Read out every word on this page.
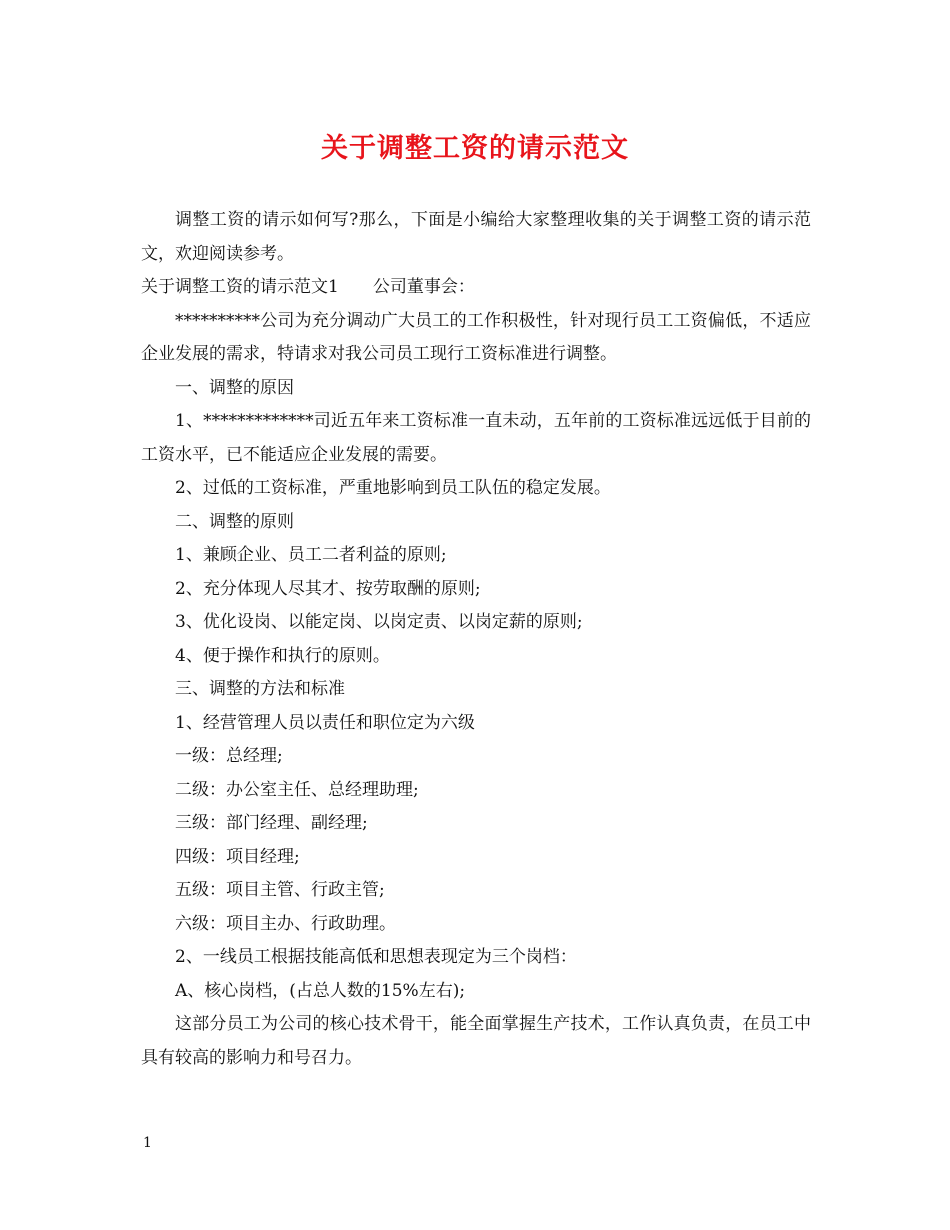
关于调整工资的请示范文

调整工资的请示如何写?那么，下面是小编给大家整理收集的关于调整工资的请示范文，欢迎阅读参考。

关于调整工资的请示范文1 公司董事会：

**********公司为充分调动广大员工的工作积极性，针对现行员工工资偏低，不适应企业发展的需求，特请求对我公司员工现行工资标准进行调整。

一、调整的原因

1、*************司近五年来工资标准一直未动，五年前的工资标准远远低于目前的工资水平，已不能适应企业发展的需要。

2、过低的工资标准，严重地影响到员工队伍的稳定发展。

二、调整的原则

1、兼顾企业、员工二者利益的原则;

2、充分体现人尽其才、按劳取酬的原则;

3、优化设岗、以能定岗、以岗定责、以岗定薪的原则;

4、便于操作和执行的原则。

三、调整的方法和标准

1、经营管理人员以责任和职位定为六级

一级：总经理;

二级：办公室主任、总经理助理;

三级：部门经理、副经理;

四级：项目经理;

五级：项目主管、行政主管;

六级：项目主办、行政助理。

2、一线员工根据技能高低和思想表现定为三个岗档：

A、核心岗档，(占总人数的15%左右);

这部分员工为公司的核心技术骨干，能全面掌握生产技术，工作认真负责，在员工中具有较高的影响力和号召力。

1
